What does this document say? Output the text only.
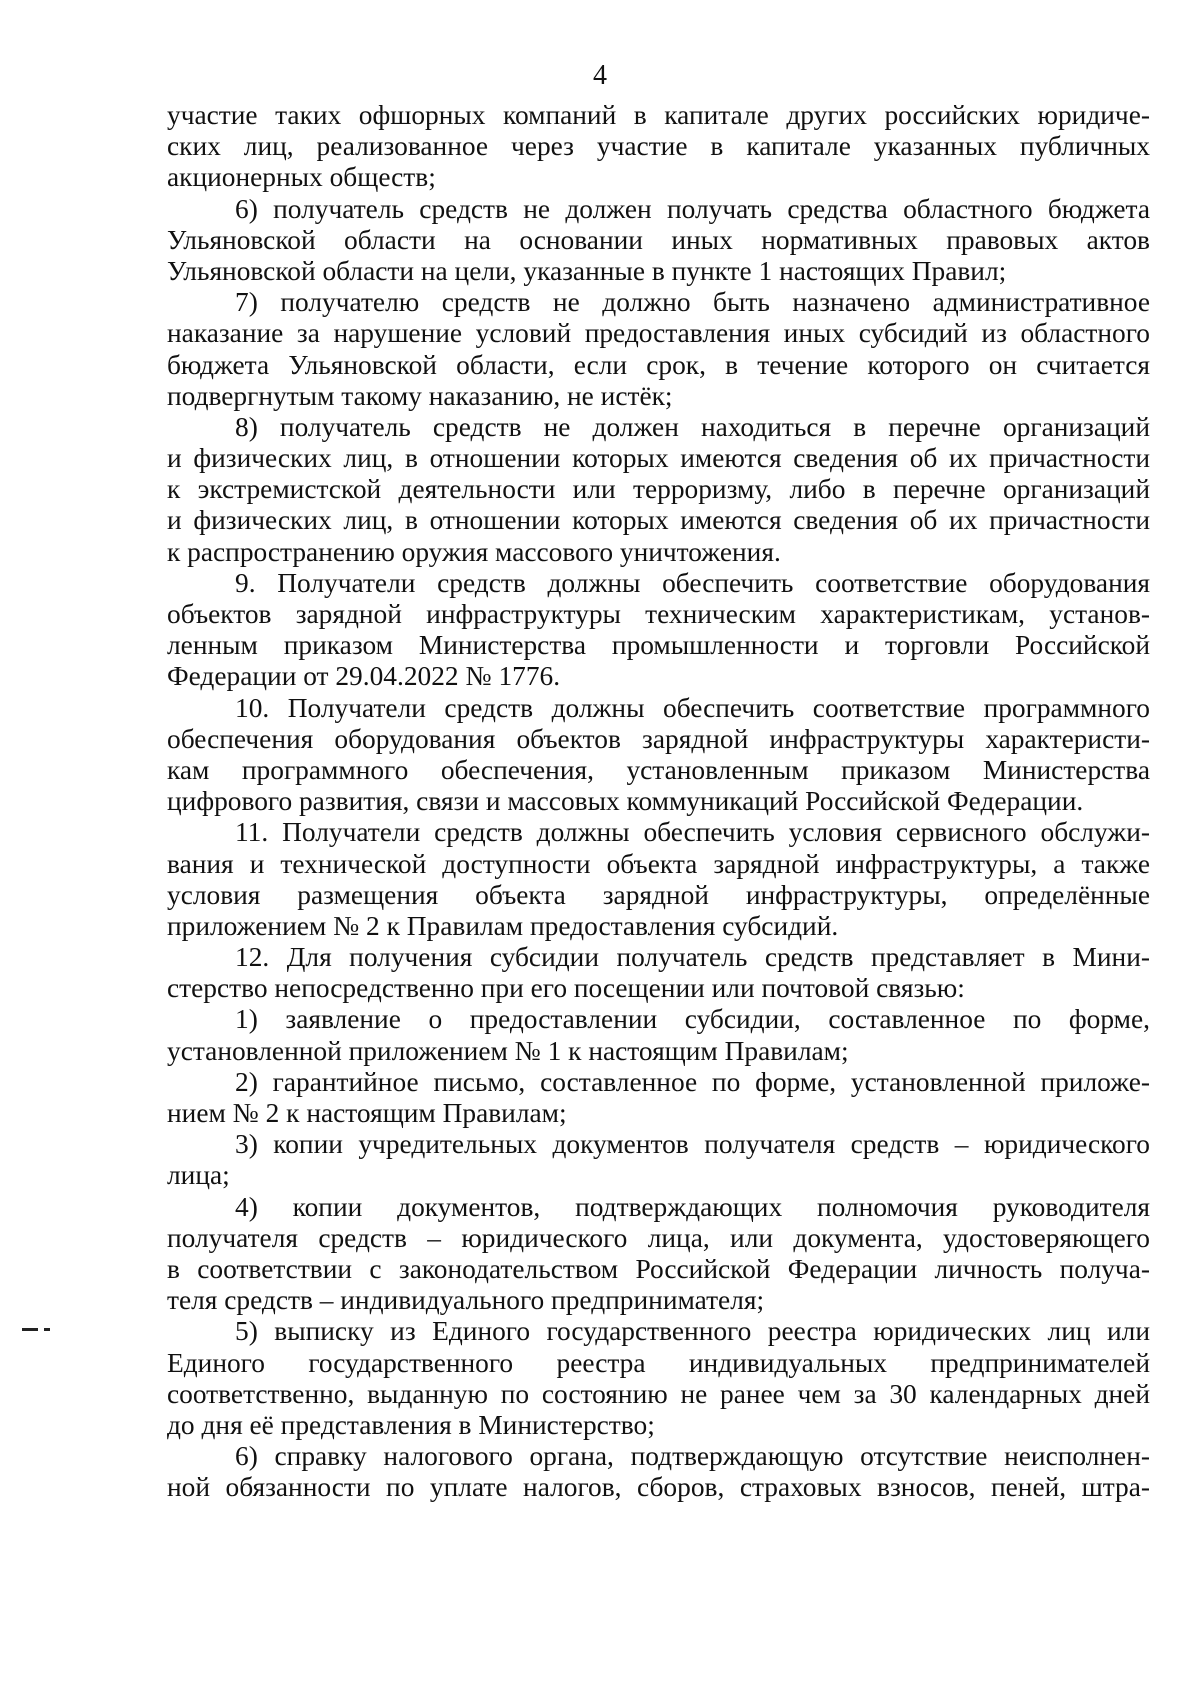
4
участие таких офшорных компаний в капитале других российских юридиче-
ских лиц, реализованное через участие в капитале указанных публичных
акционерных обществ;
6) получатель средств не должен получать средства областного бюджета
Ульяновской области на основании иных нормативных правовых актов
Ульяновской области на цели, указанные в пункте 1 настоящих Правил;
7) получателю средств не должно быть назначено административное
наказание за нарушение условий предоставления иных субсидий из областного
бюджета Ульяновской области, если срок, в течение которого он считается
подвергнутым такому наказанию, не истёк;
8) получатель средств не должен находиться в перечне организаций
и физических лиц, в отношении которых имеются сведения об их причастности
к экстремистской деятельности или терроризму, либо в перечне организаций
и физических лиц, в отношении которых имеются сведения об их причастности
к распространению оружия массового уничтожения.
9. Получатели средств должны обеспечить соответствие оборудования
объектов зарядной инфраструктуры техническим характеристикам, установ-
ленным приказом Министерства промышленности и торговли Российской
Федерации от 29.04.2022 № 1776.
10. Получатели средств должны обеспечить соответствие программного
обеспечения оборудования объектов зарядной инфраструктуры характеристи-
кам программного обеспечения, установленным приказом Министерства
цифрового развития, связи и массовых коммуникаций Российской Федерации.
11. Получатели средств должны обеспечить условия сервисного обслужи-
вания и технической доступности объекта зарядной инфраструктуры, а также
условия размещения объекта зарядной инфраструктуры, определённые
приложением № 2 к Правилам предоставления субсидий.
12. Для получения субсидии получатель средств представляет в Мини-
стерство непосредственно при его посещении или почтовой связью:
1) заявление о предоставлении субсидии, составленное по форме,
установленной приложением № 1 к настоящим Правилам;
2) гарантийное письмо, составленное по форме, установленной приложе-
нием № 2 к настоящим Правилам;
3) копии учредительных документов получателя средств – юридического
лица;
4) копии документов, подтверждающих полномочия руководителя
получателя средств – юридического лица, или документа, удостоверяющего
в соответствии с законодательством Российской Федерации личность получа-
теля средств – индивидуального предпринимателя;
5) выписку из Единого государственного реестра юридических лиц или
Единого государственного реестра индивидуальных предпринимателей
соответственно, выданную по состоянию не ранее чем за 30 календарных дней
до дня её представления в Министерство;
6) справку налогового органа, подтверждающую отсутствие неисполнен-
ной обязанности по уплате налогов, сборов, страховых взносов, пеней, штра-
